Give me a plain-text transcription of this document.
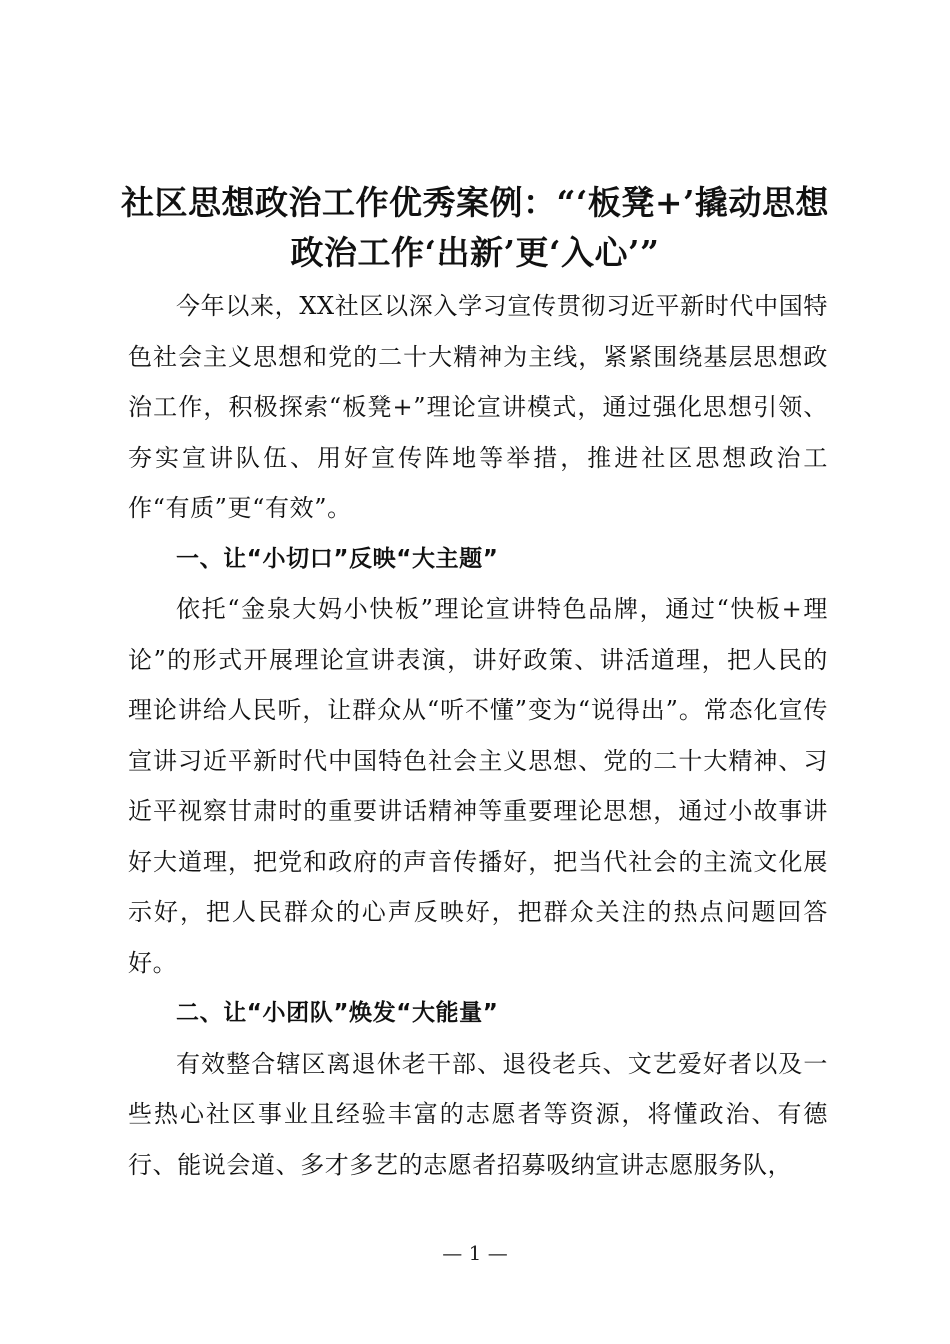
社区思想政治工作优秀案例：“‘板凳+’撬动思想政治工作‘出新’更‘入心’”

今年以来，XX社区以深入学习宣传贯彻习近平新时代中国特色社会主义思想和党的二十大精神为主线，紧紧围绕基层思想政治工作，积极探索“板凳+”理论宣讲模式，通过强化思想引领、夯实宣讲队伍、用好宣传阵地等举措，推进社区思想政治工作“有质”更“有效”。

一、让“小切口”反映“大主题”

依托“金泉大妈小快板”理论宣讲特色品牌，通过“快板+理论”的形式开展理论宣讲表演，讲好政策、讲活道理，把人民的理论讲给人民听，让群众从“听不懂”变为“说得出”。常态化宣传宣讲习近平新时代中国特色社会主义思想、党的二十大精神、习近平视察甘肃时的重要讲话精神等重要理论思想，通过小故事讲好大道理，把党和政府的声音传播好，把当代社会的主流文化展示好，把人民群众的心声反映好，把群众关注的热点问题回答好。

二、让“小团队”焕发“大能量”

有效整合辖区离退休老干部、退役老兵、文艺爱好者以及一些热心社区事业且经验丰富的志愿者等资源，将懂政治、有德行、能说会道、多才多艺的志愿者招募吸纳宣讲志愿服务队，

— 1 —
